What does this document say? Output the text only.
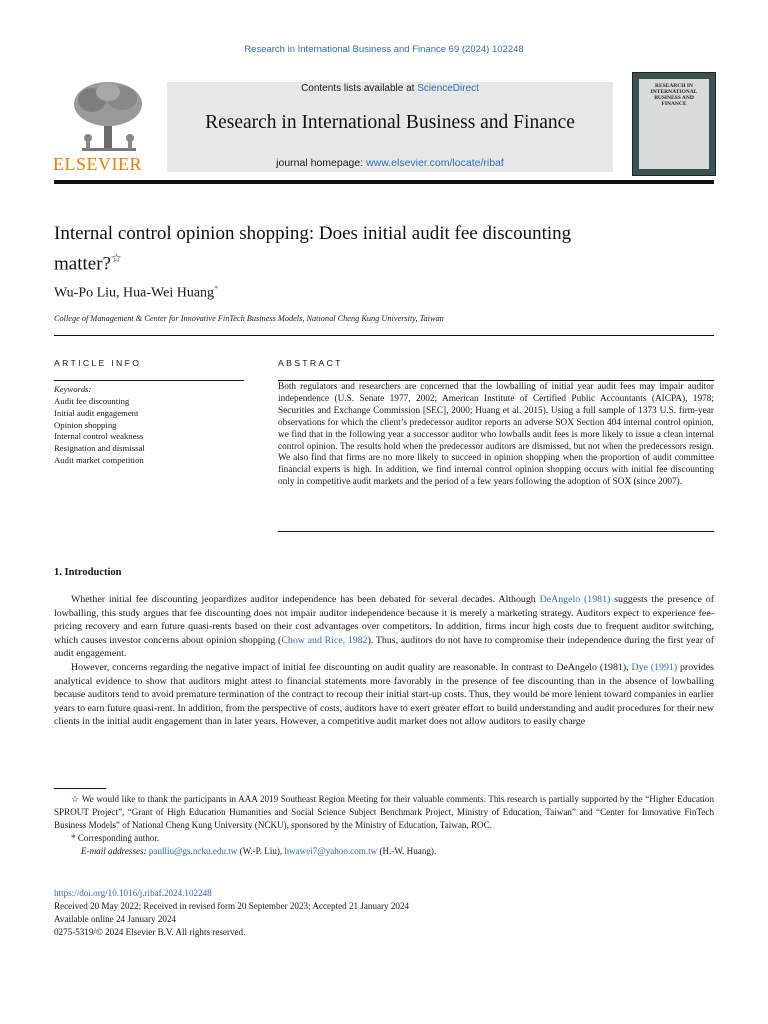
Research in International Business and Finance 69 (2024) 102248
ELSEVIER
Contents lists available at ScienceDirect
Research in International Business and Finance
journal homepage: www.elsevier.com/locate/ribaf
RESEARCH IN INTERNATIONAL BUSINESS AND FINANCE
Internal control opinion shopping: Does initial audit fee discounting matter?☆
Wu-Po Liu, Hua-Wei Huang*
College of Management & Center for Innovative FinTech Business Models, National Cheng Kung University, Taiwan
ARTICLE INFO	ABSTRACT
Keywords:
Audit fee discounting
Initial audit engagement
Opinion shopping
Internal control weakness
Resignation and dismissal
Audit market competition
Both regulators and researchers are concerned that the lowballing of initial year audit fees may impair auditor independence (U.S. Senate 1977, 2002; American Institute of Certified Public Accountants (AICPA), 1978; Securities and Exchange Commission [SEC], 2000; Huang et al. 2015). Using a full sample of 1373 U.S. firm-year observations for which the client’s predecessor auditor reports an adverse SOX Section 404 internal control opinion, we find that in the following year a successor auditor who lowballs audit fees is more likely to issue a clean internal control opinion. The results hold when the predecessor auditors are dismissed, but not when the predecessors resign. We also find that firms are no more likely to succeed in opinion shopping when the proportion of audit committee financial experts is high. In addition, we find internal control opinion shopping occurs with initial fee discounting only in competitive audit markets and the period of a few years following the adoption of SOX (since 2007).
1. Introduction

Whether initial fee discounting jeopardizes auditor independence has been debated for several decades. Although DeAngelo (1981) suggests the presence of lowballing, this study argues that fee discounting does not impair auditor independence because it is merely a marketing strategy. Auditors expect to experience fee-pricing recovery and earn future quasi-rents based on their cost advantages over competitors. In addition, firms incur high costs due to frequent auditor switching, which causes investor concerns about opinion shopping (Chow and Rice, 1982). Thus, auditors do not have to compromise their independence during the first year of audit engagement.

However, concerns regarding the negative impact of initial fee discounting on audit quality are reasonable. In contrast to DeAngelo (1981), Dye (1991) provides analytical evidence to show that auditors might attest to financial statements more favorably in the presence of fee discounting than in the absence of lowballing because auditors tend to avoid premature termination of the contract to recoup their initial start-up costs. Thus, they would be more lenient toward companies in earlier years to earn future quasi-rent. In addition, from the perspective of costs, auditors have to exert greater effort to build understanding and audit procedures for their new clients in the initial audit engagement than in later years. However, a competitive audit market does not allow auditors to easily charge

☆ We would like to thank the participants in AAA 2019 Southeast Region Meeting for their valuable comments. This research is partially supported by the “Higher Education SPROUT Project”, “Grant of High Education Humanities and Social Science Subject Benchmark Project, Ministry of Education, Taiwan” and “Center for Innovative FinTech Business Models” of National Cheng Kung University (NCKU), sponsored by the Ministry of Education, Taiwan, ROC.

* Corresponding author.

E-mail addresses: paulliu@gs.ncku.edu.tw (W.-P. Liu), hwawei7@yahoo.com.tw (H.-W. Huang).

https://doi.org/10.1016/j.ribaf.2024.102248

Received 20 May 2022; Received in revised form 20 September 2023; Accepted 21 January 2024

Available online 24 January 2024

0275-5319/© 2024 Elsevier B.V. All rights reserved.
